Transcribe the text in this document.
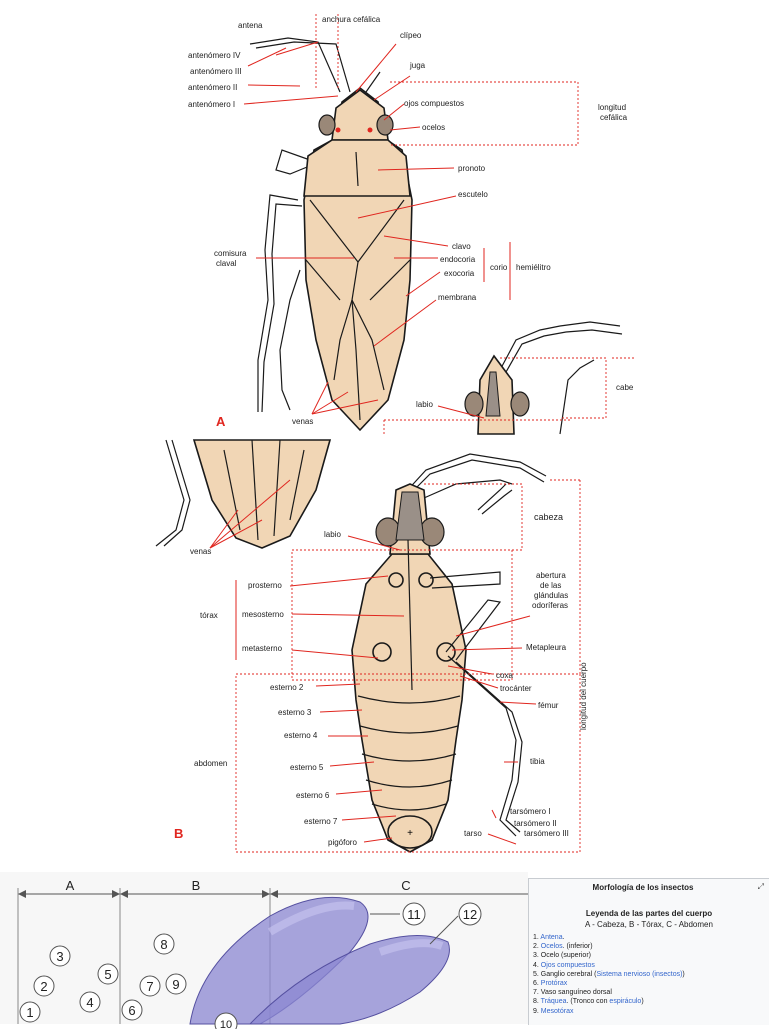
antena
anchura cefálica
clípeo
juga
antenómero IV
antenómero III
antenómero II
antenómero I	ojos compuestos
ocelos
longitud
cefálica
pronoto
escutelo
comisura
claval
clavo
endocoria
corio hemiélitro
exocoria
membrana
venas
A
labio
cabe
venas
+
cabeza
labio
prosterno
tórax	mesosterno
metasterno
abertura
de las
glándulas
odoríferas
Metapleura
coxa
trocánter
fémur	longitud del cuerpo
esterno 2
esterno 3
esterno 4
abdomen	esterno 5
esterno 6
esterno 7
tibia
tarsómero I
tarsómero II
tarsómero III
tarso
pigóforo
B
A	B	C
1
2
3
4
5
6
7
8
9
10
11	12
Morfología de los insectos	⤢
Leyenda de las partes del cuerpo
A - Cabeza, B - Tórax, C - Abdomen
1. Antena.
2. Ocelos. (inferior)
3. Ocelo (superior)
4. Ojos compuestos
5. Ganglio cerebral (Sistema nervioso (insectos))
6. Protórax
7. Vaso sanguíneo dorsal
8. Tráquea. (Tronco con espiráculo)
9. Mesotórax
